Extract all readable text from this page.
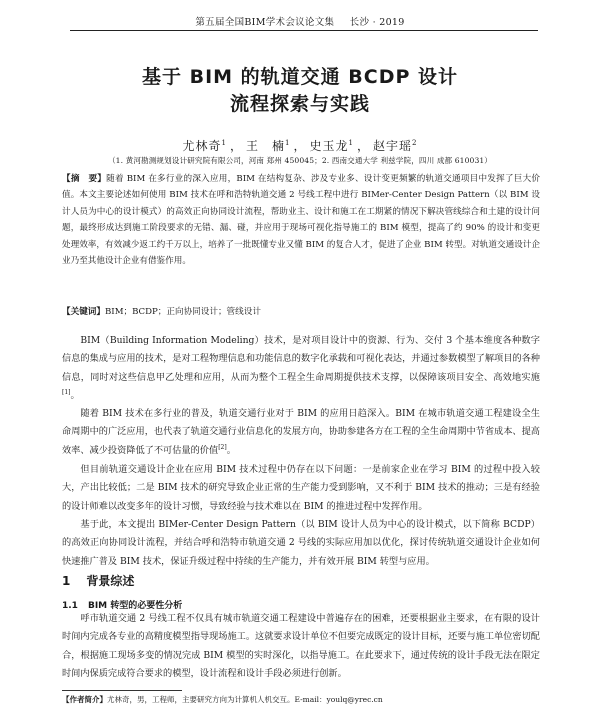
第五届全国BIM学术会议论文集 长沙 · 2019
基于 BIM 的轨道交通 BCDP 设计
流程探索与实践
尤林奇$^1$ ， 王　楠$^1$ ， 史玉龙$^1$ ， 赵宇瑶$^2$
（1. 黄河勘测规划设计研究院有限公司，河南 郑州 450045；2. 西南交通大学 利兹学院，四川 成都 610031）
【摘　要】随着 BIM 在多行业的深入应用，BIM 在结构复杂、涉及专业多、设计变更频繁的轨道交通项目中发挥了巨大价值。本文主要论述如何使用 BIM 技术在呼和浩特轨道交通 2 号线工程中进行 BIMer-Center Design Pattern（以 BIM 设计人员为中心的设计模式）的高效正向协同设计流程，帮助业主、设计和施工在工期紧的情况下解决管线综合和土建的设计问题，最终形成达到施工阶段要求的无错、漏、碰，并应用于现场可视化指导施工的 BIM 模型，提高了约 90% 的设计和变更处理效率，有效减少返工约千万以上，培养了一批既懂专业又懂 BIM 的复合人才，促进了企业 BIM 转型。对轨道交通设计企业乃至其他设计企业有借鉴作用。
【关键词】BIM；BCDP；正向协同设计；管线设计
BIM（Building Information Modeling）技术，是对项目设计中的资源、行为、交付 3 个基本维度各种数字信息的集成与应用的技术，是对工程物理信息和功能信息的数字化承载和可视化表达，并通过参数模型了解项目的各种信息，同时对这些信息甲乙处理和应用，从而为整个工程全生命周期提供技术支撑，以保障该项目安全、高效地实施[1]。
随着 BIM 技术在多行业的普及，轨道交通行业对于 BIM 的应用日趋深入。BIM 在城市轨道交通工程建设全生命周期中的广泛应用，也代表了轨道交通行业信息化的发展方向，协助参建各方在工程的全生命周期中节省成本、提高效率、减少投资降低了不可估量的价值[2]。
但目前轨道交通设计企业在应用 BIM 技术过程中仍存在以下问题：一是前家企业在学习 BIM 的过程中投入较大，产出比较低；二是 BIM 技术的研究导致企业正常的生产能力受到影响，又不利于 BIM 技术的推动；三是有经验的设计师难以改变多年的设计习惯，导致经验与技术难以在 BIM 的推进过程中发挥作用。
基于此，本文提出 BIMer-Center Design Pattern（以 BIM 设计人员为中心的设计模式，以下简称 BCDP）的高效正向协同设计流程，并结合呼和浩特市轨道交通 2 号线的实际应用加以优化，探讨传统轨道交通设计企业如何快速推广普及 BIM 技术，保证升级过程中持续的生产能力，并有效开展 BIM 转型与应用。
1 背景综述
1.1 BIM 转型的必要性分析
呼市轨道交通 2 号线工程不仅具有城市轨道交通工程建设中普遍存在的困难，还要根据业主要求，在有限的设计时间内完成各专业的高精度模型指导现场施工。这就要求设计单位不但要完成既定的设计目标，还要与施工单位密切配合，根据施工现场多变的情况完成 BIM 模型的实时深化，以指导施工。在此要求下，通过传统的设计手段无法在限定时间内保质完成符合要求的模型，设计流程和设计手段必须进行创新。
【作者简介】尤林奇，男，工程师，主要研究方向为计算机人机交互。E-mail：youlq@yrec.cn
